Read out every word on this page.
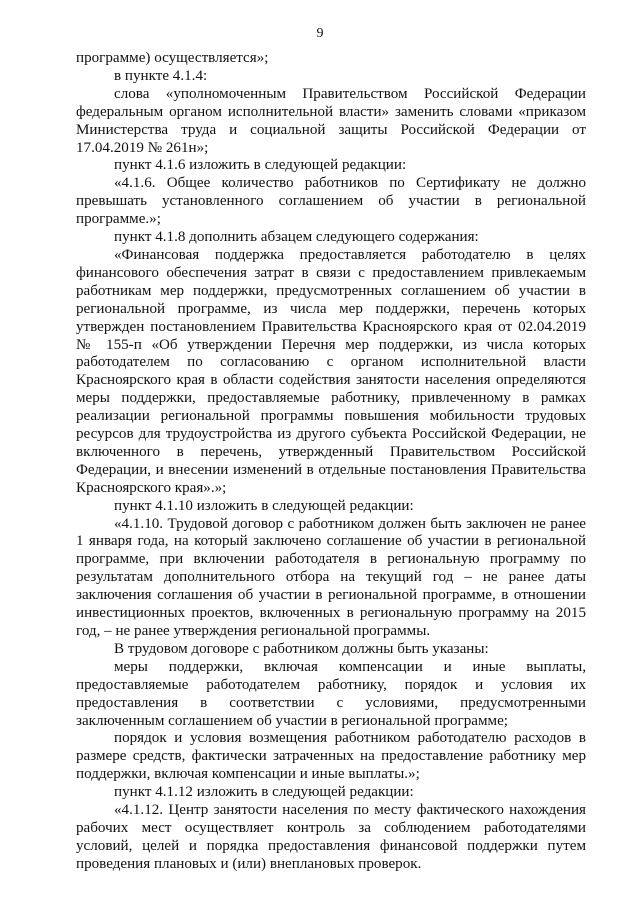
9

программе) осуществляется»;

в пункте 4.1.4:

слова «уполномоченным Правительством Российской Федерации федеральным органом исполнительной власти» заменить словами «приказом Министерства труда и социальной защиты Российской Федерации от 17.04.2019 № 261н»;

пункт 4.1.6 изложить в следующей редакции:

«4.1.6. Общее количество работников по Сертификату не должно превышать установленного соглашением об участии в региональной программе.»;

пункт 4.1.8 дополнить абзацем следующего содержания:

«Финансовая поддержка предоставляется работодателю в целях финансового обеспечения затрат в связи с предоставлением привлекаемым работникам мер поддержки, предусмотренных соглашением об участии в региональной программе, из числа мер поддержки, перечень которых утвержден постановлением Правительства Красноярского края от 02.04.2019 № 155-п «Об утверждении Перечня мер поддержки, из числа которых работодателем по согласованию с органом исполнительной власти Красноярского края в области содействия занятости населения определяются меры поддержки, предоставляемые работнику, привлеченному в рамках реализации региональной программы повышения мобильности трудовых ресурсов для трудоустройства из другого субъекта Российской Федерации, не включенного в перечень, утвержденный Правительством Российской Федерации, и внесении изменений в отдельные постановления Правительства Красноярского края».»;

пункт 4.1.10 изложить в следующей редакции:

«4.1.10. Трудовой договор с работником должен быть заключен не ранее 1 января года, на который заключено соглашение об участии в региональной программе, при включении работодателя в региональную программу по результатам дополнительного отбора на текущий год – не ранее даты заключения соглашения об участии в региональной программе, в отношении инвестиционных проектов, включенных в региональную программу на 2015 год, – не ранее утверждения региональной программы.

В трудовом договоре с работником должны быть указаны:

меры поддержки, включая компенсации и иные выплаты, предоставляемые работодателем работнику, порядок и условия их предоставления в соответствии с условиями, предусмотренными заключенным соглашением об участии в региональной программе;

порядок и условия возмещения работником работодателю расходов в размере средств, фактически затраченных на предоставление работнику мер поддержки, включая компенсации и иные выплаты.»;

пункт 4.1.12 изложить в следующей редакции:

«4.1.12. Центр занятости населения по месту фактического нахождения рабочих мест осуществляет контроль за соблюдением работодателями условий, целей и порядка предоставления финансовой поддержки путем проведения плановых и (или) внеплановых проверок.
